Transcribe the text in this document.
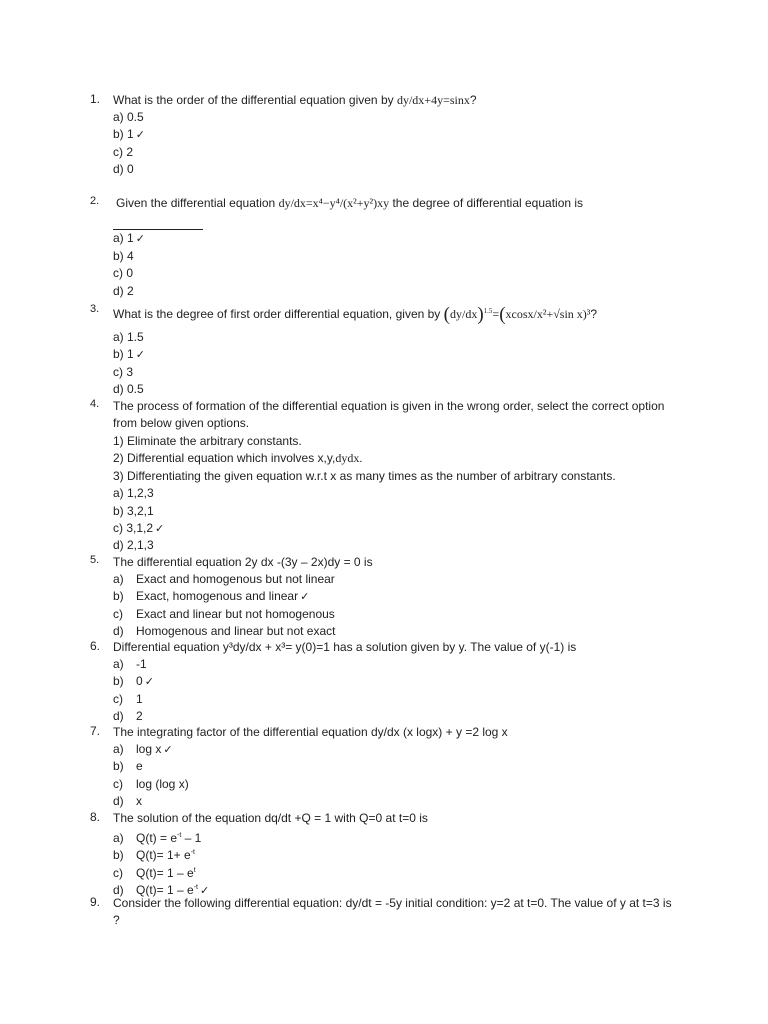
1.	What is the order of the differential equation given by dy/dx+4y=sinx?
a) 0.5
b) 1 ✓
c) 2
d) 0
2.	Given the differential equation dy/dx=x⁴−y⁴/(x²+y²)xy the degree of differential equation is
a) 1 ✓
b) 4
c) 0
d) 2
3.	What is the degree of first order differential equation, given by $(dy/dx)^{1.5}=(xcosx/x^2+√\sin$ x)³?
a) 1.5
b) 1 ✓
c) 3
d) 0.5
4.	The process of formation of the differential equation is given in the wrong order, select the correct option from below given options.
1) Eliminate the arbitrary constants.
2) Differential equation which involves x,y,dydx.
3) Differentiating the given equation w.r.t x as many times as the number of arbitrary constants.
a) 1,2,3
b) 3,2,1
c) 3,1,2 ✓
d) 2,1,3
5.	The differential equation 2y dx -(3y – 2x)dy = 0 is
a) Exact and homogenous but not linear
b) Exact, homogenous and linear ✓
c) Exact and linear but not homogenous
d) Homogenous and linear but not exact
6.	Differential equation y³dy/dx + x³= y(0)=1 has a solution given by y. The value of y(-1) is
a) -1
b) 0 ✓
c) 1
d) 2
7.	The integrating factor of the differential equation dy/dx (x logx) + y =2 log x
a) log x ✓
b) e
c) log (log x)
d) x
8.	The solution of the equation dq/dt +Q = 1 with Q=0 at t=0 is
a) $Q(t) = e^{-t} - 1$
b) $Q(t)= 1+ e^{-t}$
c) $Q(t)= 1 - e^t$
d) $Q(t)= 1 - e^{-t}$ ✓
9.	Consider the following differential equation: dy/dt = -5y initial condition: y=2 at t=0. The value of y at t=3 is ?
